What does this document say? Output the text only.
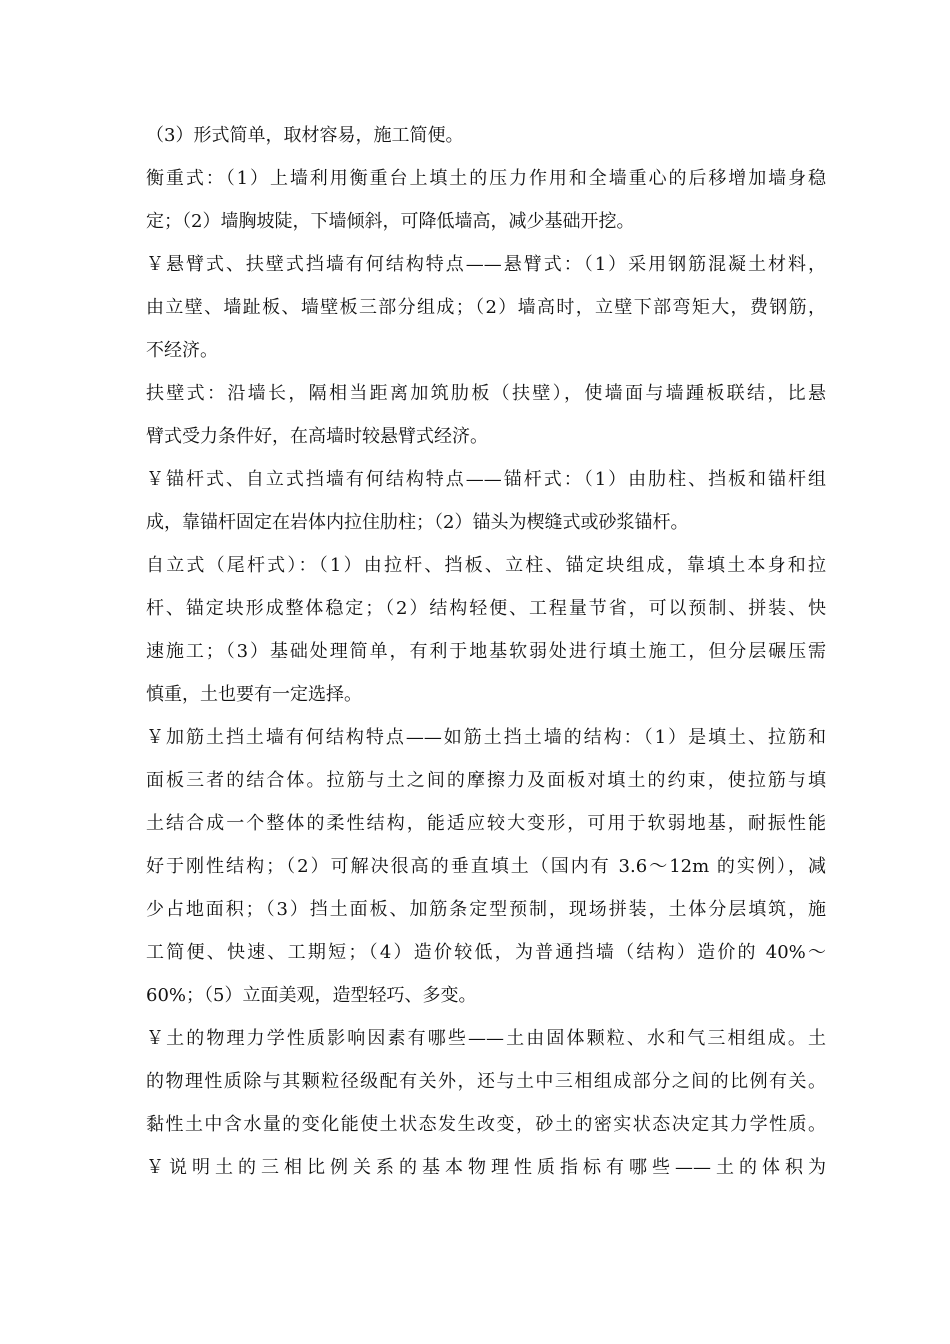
（3）形式简单，取材容易，施工简便。
衡重式：（1）上墙利用衡重台上填土的压力作用和全墙重心的后移增加墙身稳
定；（2）墙胸坡陡，下墙倾斜，可降低墙高，减少基础开挖。
￥悬臂式、扶壁式挡墙有何结构特点——悬臂式：（1）采用钢筋混凝土材料，
由立壁、墙趾板、墙壁板三部分组成；（2）墙高时，立壁下部弯矩大，费钢筋，
不经济。
扶壁式：沿墙长，隔相当距离加筑肋板（扶壁），使墙面与墙踵板联结，比悬
臂式受力条件好，在高墙时较悬臂式经济。
￥锚杆式、自立式挡墙有何结构特点——锚杆式：（1）由肋柱、挡板和锚杆组
成，靠锚杆固定在岩体内拉住肋柱；（2）锚头为楔缝式或砂浆锚杆。
自立式（尾杆式）：（1）由拉杆、挡板、立柱、锚定块组成，靠填土本身和拉
杆、锚定块形成整体稳定；（2）结构轻便、工程量节省，可以预制、拼装、快
速施工；（3）基础处理简单，有利于地基软弱处进行填土施工，但分层碾压需
慎重，土也要有一定选择。
￥加筋土挡土墙有何结构特点——如筋土挡土墙的结构：（1）是填土、拉筋和
面板三者的结合体。拉筋与土之间的摩擦力及面板对填土的约束，使拉筋与填
土结合成一个整体的柔性结构，能适应较大变形，可用于软弱地基，耐振性能
好于刚性结构；（2）可解决很高的垂直填土（国内有 3.6～12m 的实例），减
少占地面积；（3）挡土面板、加筋条定型预制，现场拼装，土体分层填筑，施
工简便、快速、工期短；（4）造价较低，为普通挡墙（结构）造价的 40%～
60%；（5）立面美观，造型轻巧、多变。
￥土的物理力学性质影响因素有哪些——土由固体颗粒、水和气三相组成。土
的物理性质除与其颗粒径级配有关外，还与土中三相组成部分之间的比例有关。
黏性土中含水量的变化能使土状态发生改变，砂土的密实状态决定其力学性质。
￥说明土的三相比例关系的基本物理性质指标有哪些——土的体积为
